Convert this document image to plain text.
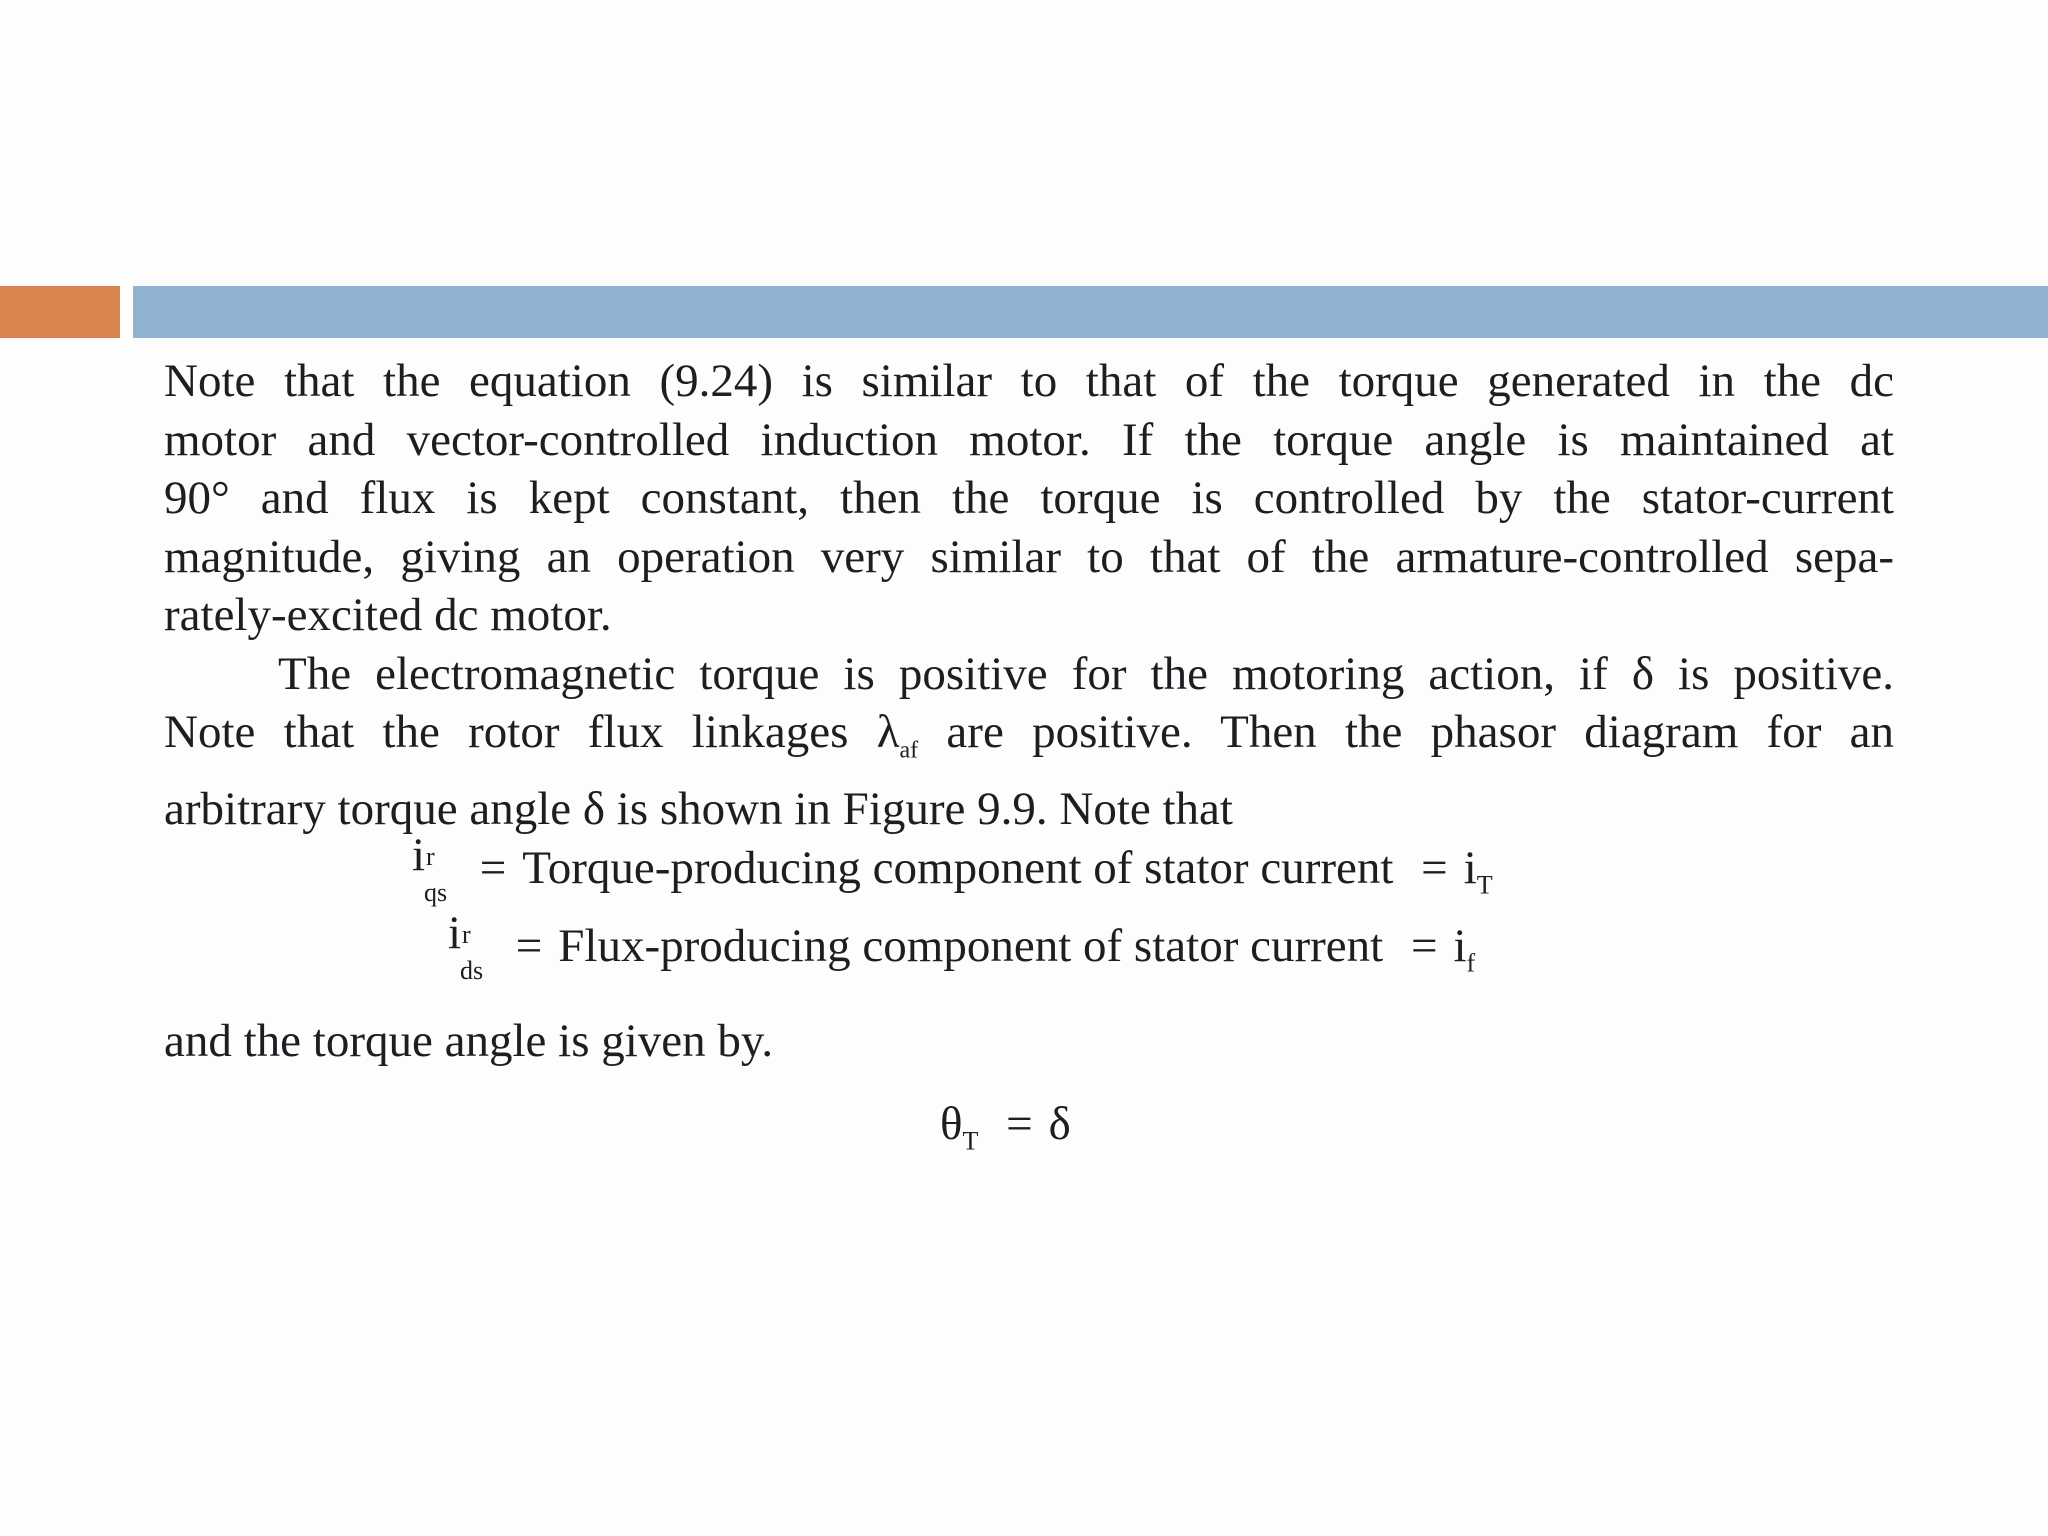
Note that the equation (9.24) is similar to that of the torque generated in the dc
motor and vector-controlled induction motor. If the torque angle is maintained at
90° and flux is kept constant, then the torque is controlled by the stator-current
magnitude, giving an operation very similar to that of the armature-controlled sepa-
rately-excited dc motor.
The electromagnetic torque is positive for the motoring action, if δ is positive.
Note that the rotor flux linkages $\lambda_{af}$ are positive. Then the phasor diagram for an
arbitrary torque angle δ is shown in Figure 9.9. Note that
i r
qs = Torque-producing component of stator current = $i_T$
i r
ds = Flux-producing component of stator current = $i_f$
and the torque angle is given by.
$\theta_T = \delta$
